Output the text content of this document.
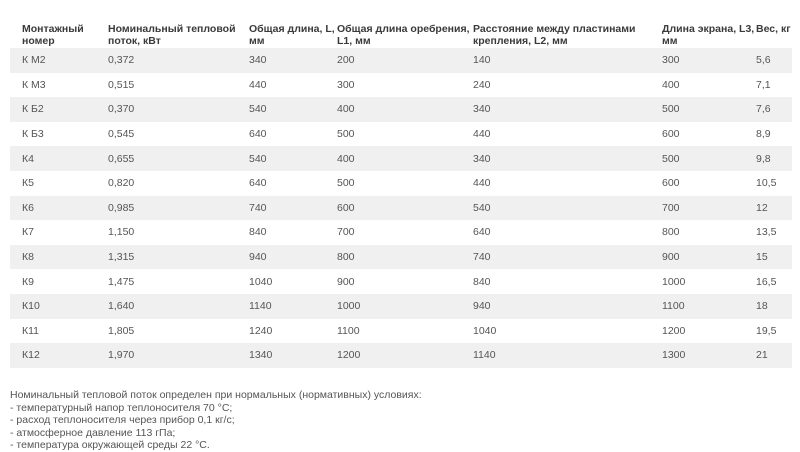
Монтажный номер	Номинальный тепловой поток, кВт	Общая длина, L, мм	Общая длина оребрения, L1, мм	Расстояние между пластинами крепления, L2, мм	Длина экрана, L3, мм	Вес, кг
К М2	0,372	340	200	140	300	5,6
К М3	0,515	440	300	240	400	7,1
К Б2	0,370	540	400	340	500	7,6
К Б3	0,545	640	500	440	600	8,9
К4	0,655	540	400	340	500	9,8
К5	0,820	640	500	440	600	10,5
К6	0,985	740	600	540	700	12
К7	1,150	840	700	640	800	13,5
К8	1,315	940	800	740	900	15
К9	1,475	1040	900	840	1000	16,5
К10	1,640	1140	1000	940	1100	18
К11	1,805	1240	1100	1040	1200	19,5
К12	1,970	1340	1200	1140	1300	21
Номинальный тепловой поток определен при нормальных (нормативных) условиях:
- температурный напор теплоносителя 70 °С;
- расход теплоносителя через прибор 0,1 кг/с;
- атмосферное давление 113 гПа;
- температура окружающей среды 22 °С.
